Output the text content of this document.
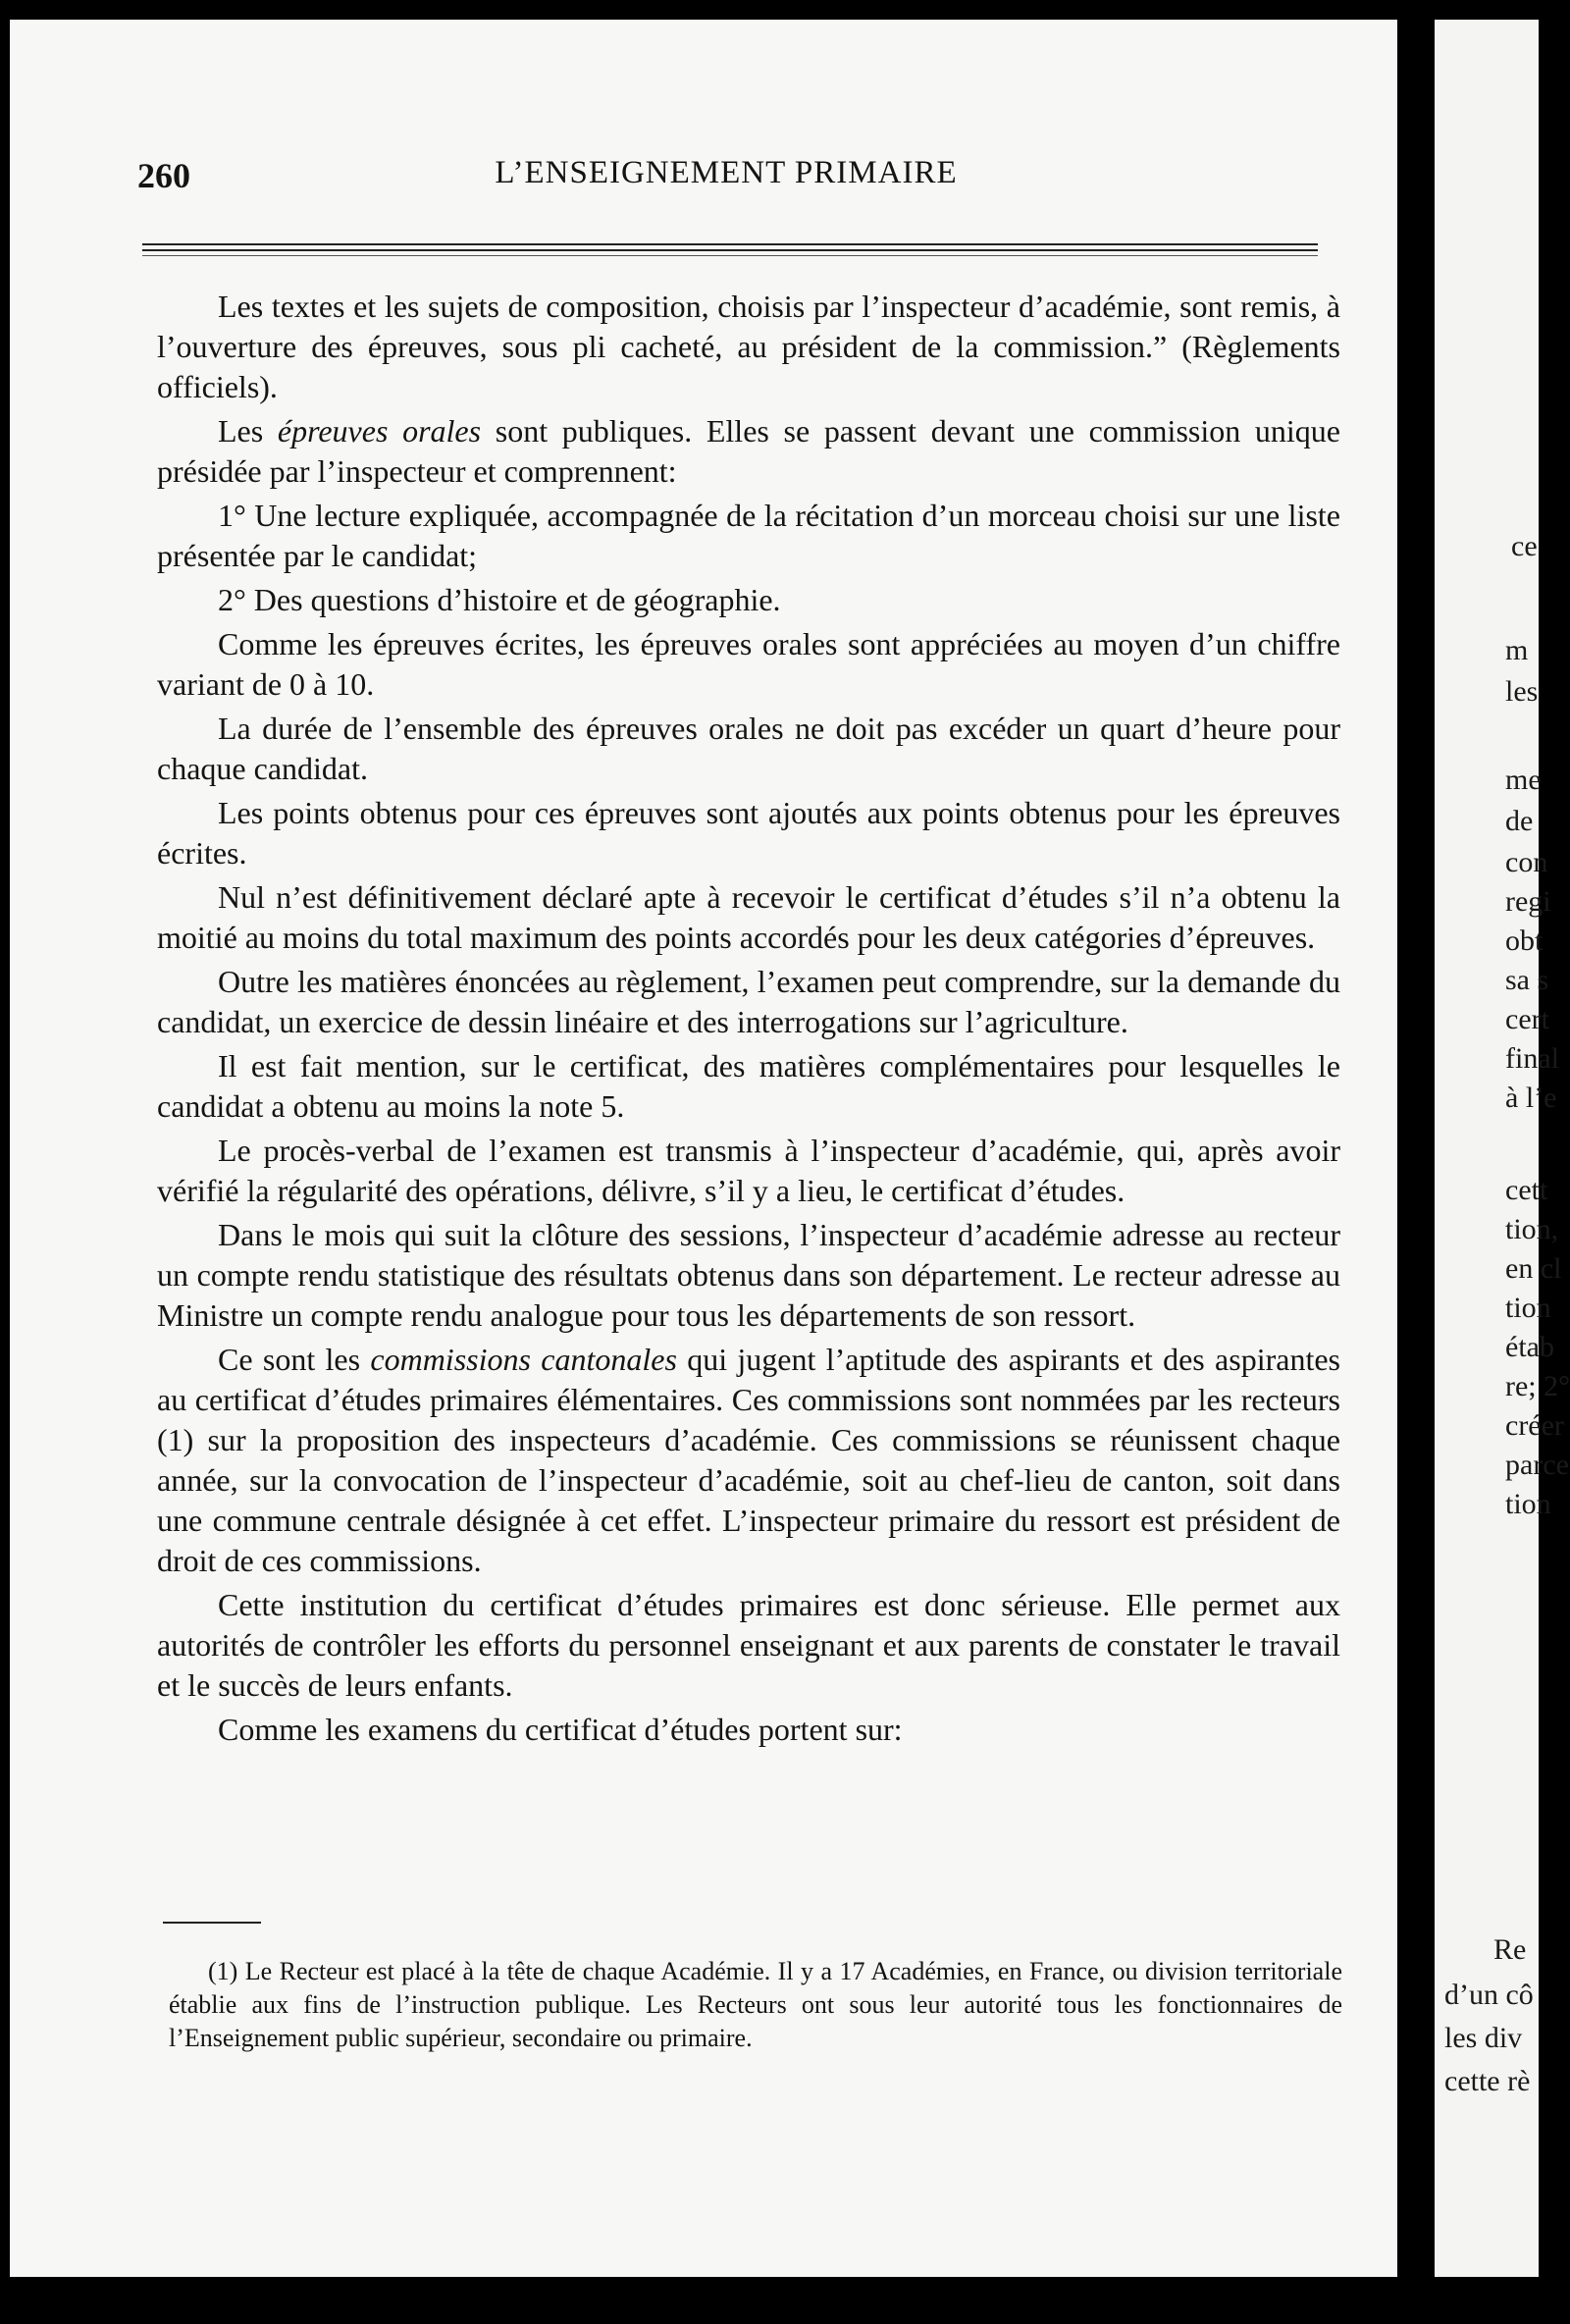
ce
m
les
me
de
con
regi
obt
sa s
cert
final
à l’e
cett
tion,
en cl
tion
étab
re; 2°
créer
parce
tion
Re
d’un cô
les div
cette rè
260	L’ENSEIGNEMENT PRIMAIRE

Les textes et les sujets de composition, choisis par l’inspecteur d’académie, sont remis, à l’ouverture des épreuves, sous pli cacheté, au président de la commission.” (Règlements officiels).

Les épreuves orales sont publiques. Elles se passent devant une commission unique présidée par l’inspecteur et comprennent:

1° Une lecture expliquée, accompagnée de la récitation d’un morceau choisi sur une liste présentée par le candidat;

2° Des questions d’histoire et de géographie.

Comme les épreuves écrites, les épreuves orales sont appréciées au moyen d’un chiffre variant de 0 à 10.

La durée de l’ensemble des épreuves orales ne doit pas excéder un quart d’heure pour chaque candidat.

Les points obtenus pour ces épreuves sont ajoutés aux points obtenus pour les épreuves écrites.

Nul n’est définitivement déclaré apte à recevoir le certificat d’études s’il n’a obtenu la moitié au moins du total maximum des points accordés pour les deux catégories d’épreuves.

Outre les matières énoncées au règlement, l’examen peut comprendre, sur la demande du candidat, un exercice de dessin linéaire et des interrogations sur l’agriculture.

Il est fait mention, sur le certificat, des matières complémentaires pour lesquelles le candidat a obtenu au moins la note 5.

Le procès-verbal de l’examen est transmis à l’inspecteur d’académie, qui, après avoir vérifié la régularité des opérations, délivre, s’il y a lieu, le certificat d’études.

Dans le mois qui suit la clôture des sessions, l’inspecteur d’académie adresse au recteur un compte rendu statistique des résultats obtenus dans son département. Le recteur adresse au Ministre un compte rendu analogue pour tous les départements de son ressort.

Ce sont les commissions cantonales qui jugent l’aptitude des aspirants et des aspirantes au certificat d’études primaires élémentaires. Ces commissions sont nommées par les recteurs (1) sur la proposition des inspecteurs d’académie. Ces commissions se réunissent chaque année, sur la convocation de l’inspecteur d’académie, soit au chef-lieu de canton, soit dans une commune centrale désignée à cet effet. L’inspecteur primaire du ressort est président de droit de ces commissions.

Cette institution du certificat d’études primaires est donc sérieuse. Elle permet aux autorités de contrôler les efforts du personnel enseignant et aux parents de constater le travail et le succès de leurs enfants.

Comme les examens du certificat d’études portent sur:

(1) Le Recteur est placé à la tête de chaque Académie. Il y a 17 Académies, en France, ou division territoriale établie aux fins de l’instruction publique. Les Recteurs ont sous leur autorité tous les fonctionnaires de l’Enseignement public supérieur, secondaire ou primaire.
